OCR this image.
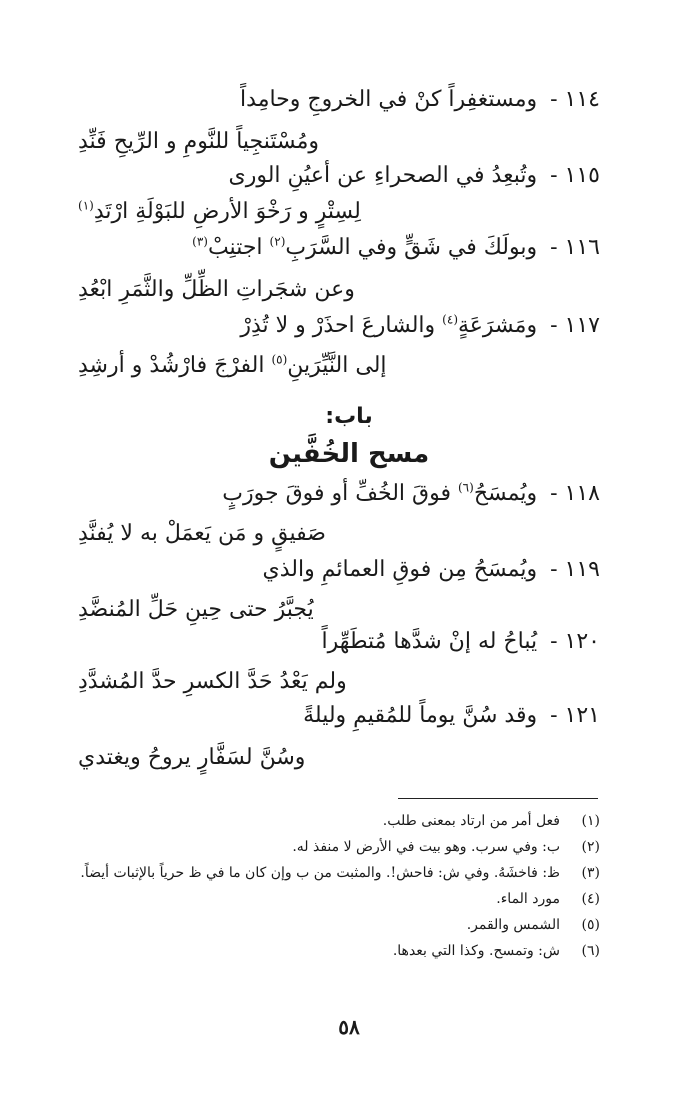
١١٤ - ومستغفِراً كنْ في الخروجِ وحامِداً
ومُسْتَنجِياً للنَّومِ و الرِّيحِ فَنِّدِ
١١٥ - وتُبعِدُ في الصحراءِ عن أعيُنِ الورى
لِسِتْرٍ و رَخْوَ الأرضِ للبَوْلَةِ ارْتَدِ$^{(١)}$
١١٦ - وبولَكَ في شَقٍّ وفي السَّرَبِ$^{(٢)}$ اجتنِبْ$^{(٣)}$
وعن شجَراتِ الظِّلِّ والثَّمَرِ ابْعُدِ
١١٧ - ومَشرَعَةٍ$^{(٤)}$ والشارعَ احذَرْ و لا تُذِرْ
إلى النَّيِّرَينِ$^{(٥)}$ الفرْجَ فارْشُدْ و أرشِدِ
باب:
مسح الخُفَّين
١١٨ - ويُمسَحُ$^{(٦)}$ فوقَ الخُفِّ أو فوقَ جورَبٍ
صَفيقٍ و مَن يَعمَلْ به لا يُفنَّدِ
١١٩ - ويُمسَحُ مِن فوقِ العمائمِ والذي
يُجبَّرُ حتى حِينِ حَلِّ المُنضَّدِ
١٢٠ - يُباحُ له إنْ شدَّها مُتطَهِّراً
ولم يَعْدُ حَدَّ الكسرِ حدَّ المُشدَّدِ
١٢١ - وقد سُنَّ يوماً للمُقيمِ وليلةً
وسُنَّ لسَفَّارٍ يروحُ ويغتدي
(١)
فعل أمر من ارتاد بمعنى طلب.
(٢)
ب: وفي سرب. وهو بيت في الأرض لا منفذ له.
(٣)
ظ: فاخشَهُ. وفي ش: فاحش!. والمثبت من ب وإن كان ما في ظ حرياً بالإثبات أيضاً.
(٤)
مورد الماء.
(٥)
الشمس والقمر.
(٦)
ش: وتمسح. وكذا التي بعدها.
٥٨
